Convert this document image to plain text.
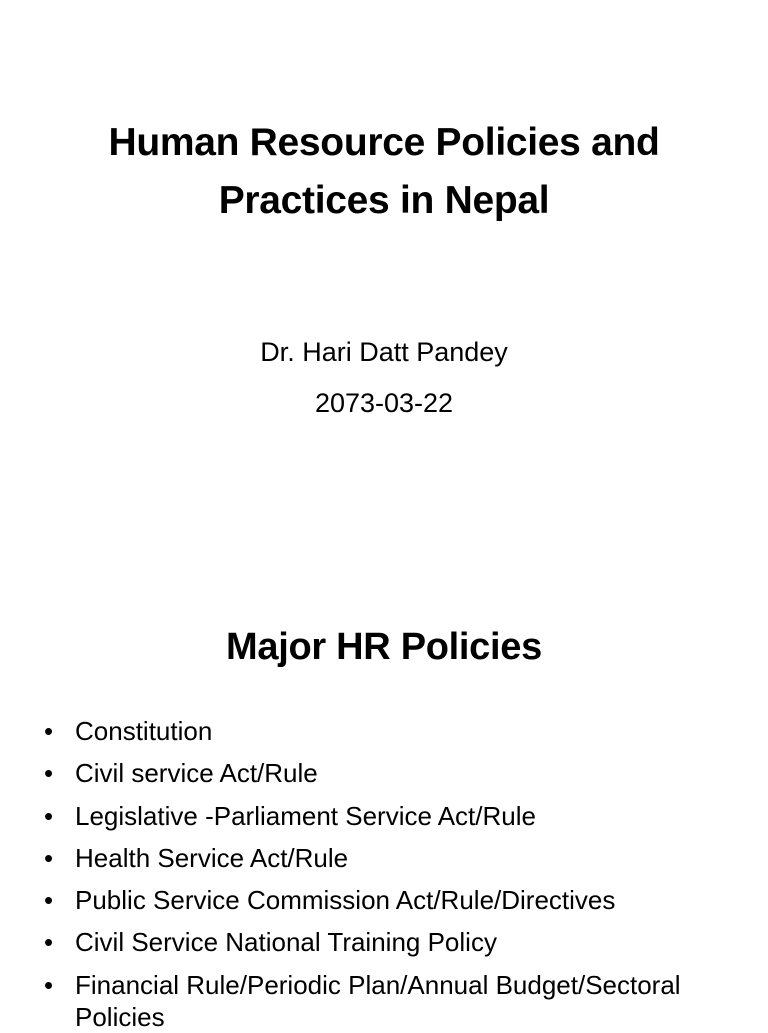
Human Resource Policies and
Practices in Nepal
Dr. Hari Datt Pandey
2073-03-22
Major HR Policies
• Constitution
• Civil service Act/Rule
• Legislative -Parliament Service Act/Rule
• Health Service Act/Rule
• Public Service Commission Act/Rule/Directives
• Civil Service National Training Policy
• Financial Rule/Periodic Plan/Annual Budget/Sectoral Policies
